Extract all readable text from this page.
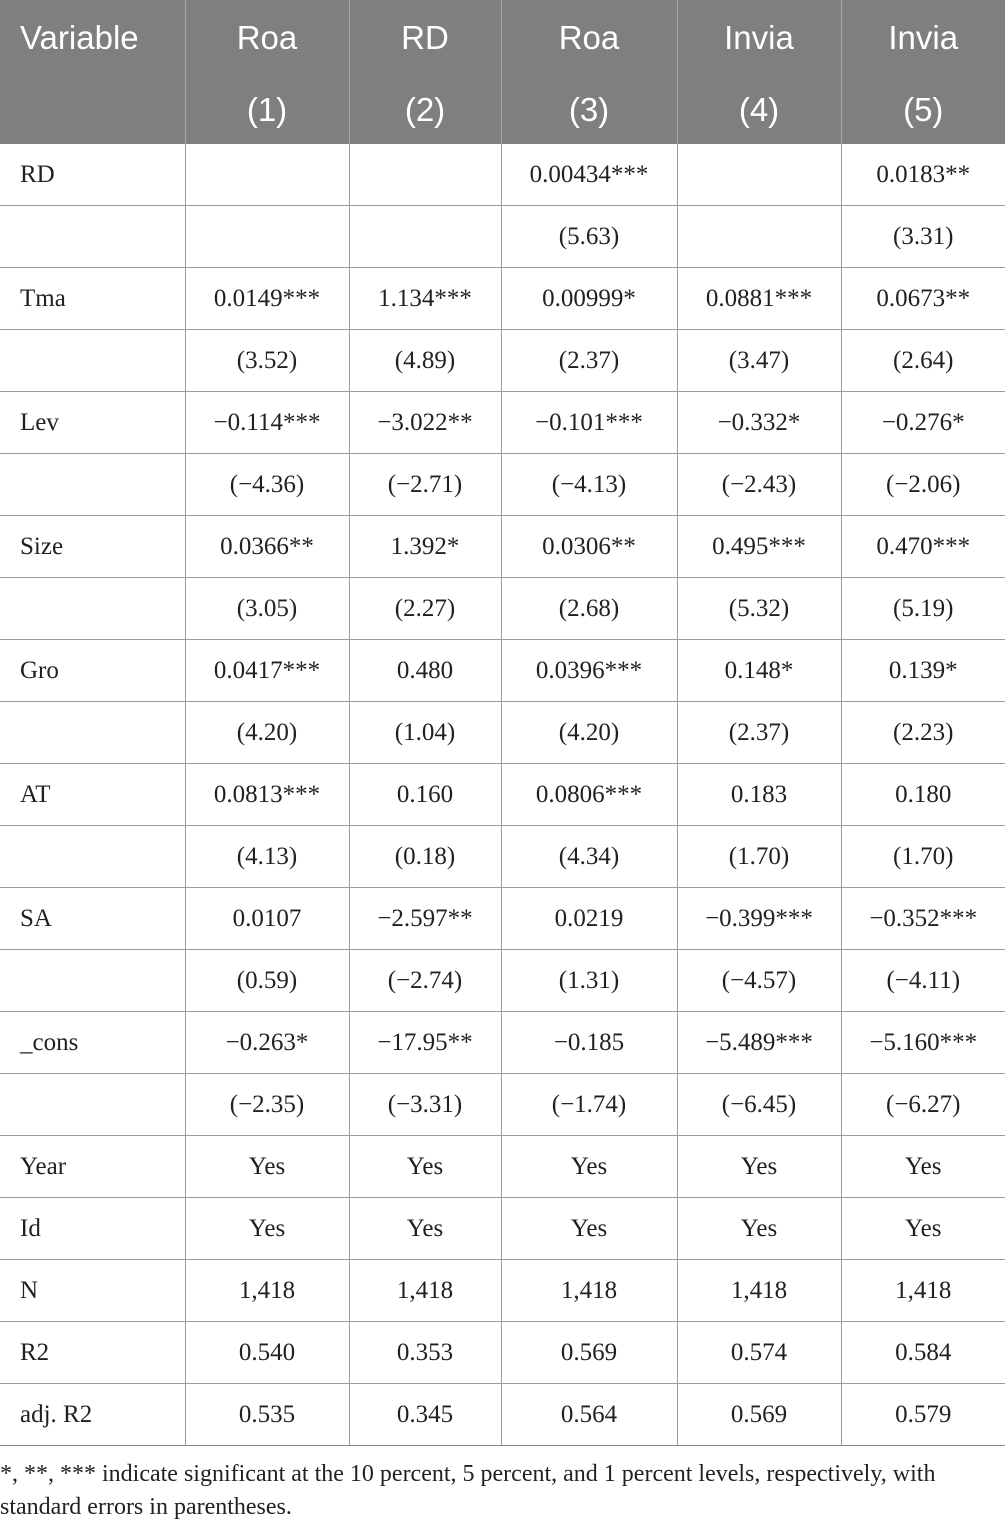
Variable	Roa	RD	Roa	Invia	Invia
	(1)	(2)	(3)	(4)	(5)
RD			0.00434***		0.0183**
			(5.63)		(3.31)
Tma	0.0149***	1.134***	0.00999*	0.0881***	0.0673**
	(3.52)	(4.89)	(2.37)	(3.47)	(2.64)
Lev	−0.114***	−3.022**	−0.101***	−0.332*	−0.276*
	(−4.36)	(−2.71)	(−4.13)	(−2.43)	(−2.06)
Size	0.0366**	1.392*	0.0306**	0.495***	0.470***
	(3.05)	(2.27)	(2.68)	(5.32)	(5.19)
Gro	0.0417***	0.480	0.0396***	0.148*	0.139*
	(4.20)	(1.04)	(4.20)	(2.37)	(2.23)
AT	0.0813***	0.160	0.0806***	0.183	0.180
	(4.13)	(0.18)	(4.34)	(1.70)	(1.70)
SA	0.0107	−2.597**	0.0219	−0.399***	−0.352***
	(0.59)	(−2.74)	(1.31)	(−4.57)	(−4.11)
_cons	−0.263*	−17.95**	−0.185	−5.489***	−5.160***
	(−2.35)	(−3.31)	(−1.74)	(−6.45)	(−6.27)
Year	Yes	Yes	Yes	Yes	Yes
Id	Yes	Yes	Yes	Yes	Yes
N	1,418	1,418	1,418	1,418	1,418
R2	0.540	0.353	0.569	0.574	0.584
adj. R2	0.535	0.345	0.564	0.569	0.579
*, **, *** indicate significant at the 10 percent, 5 percent, and 1 percent levels, respectively, with standard errors in parentheses.
